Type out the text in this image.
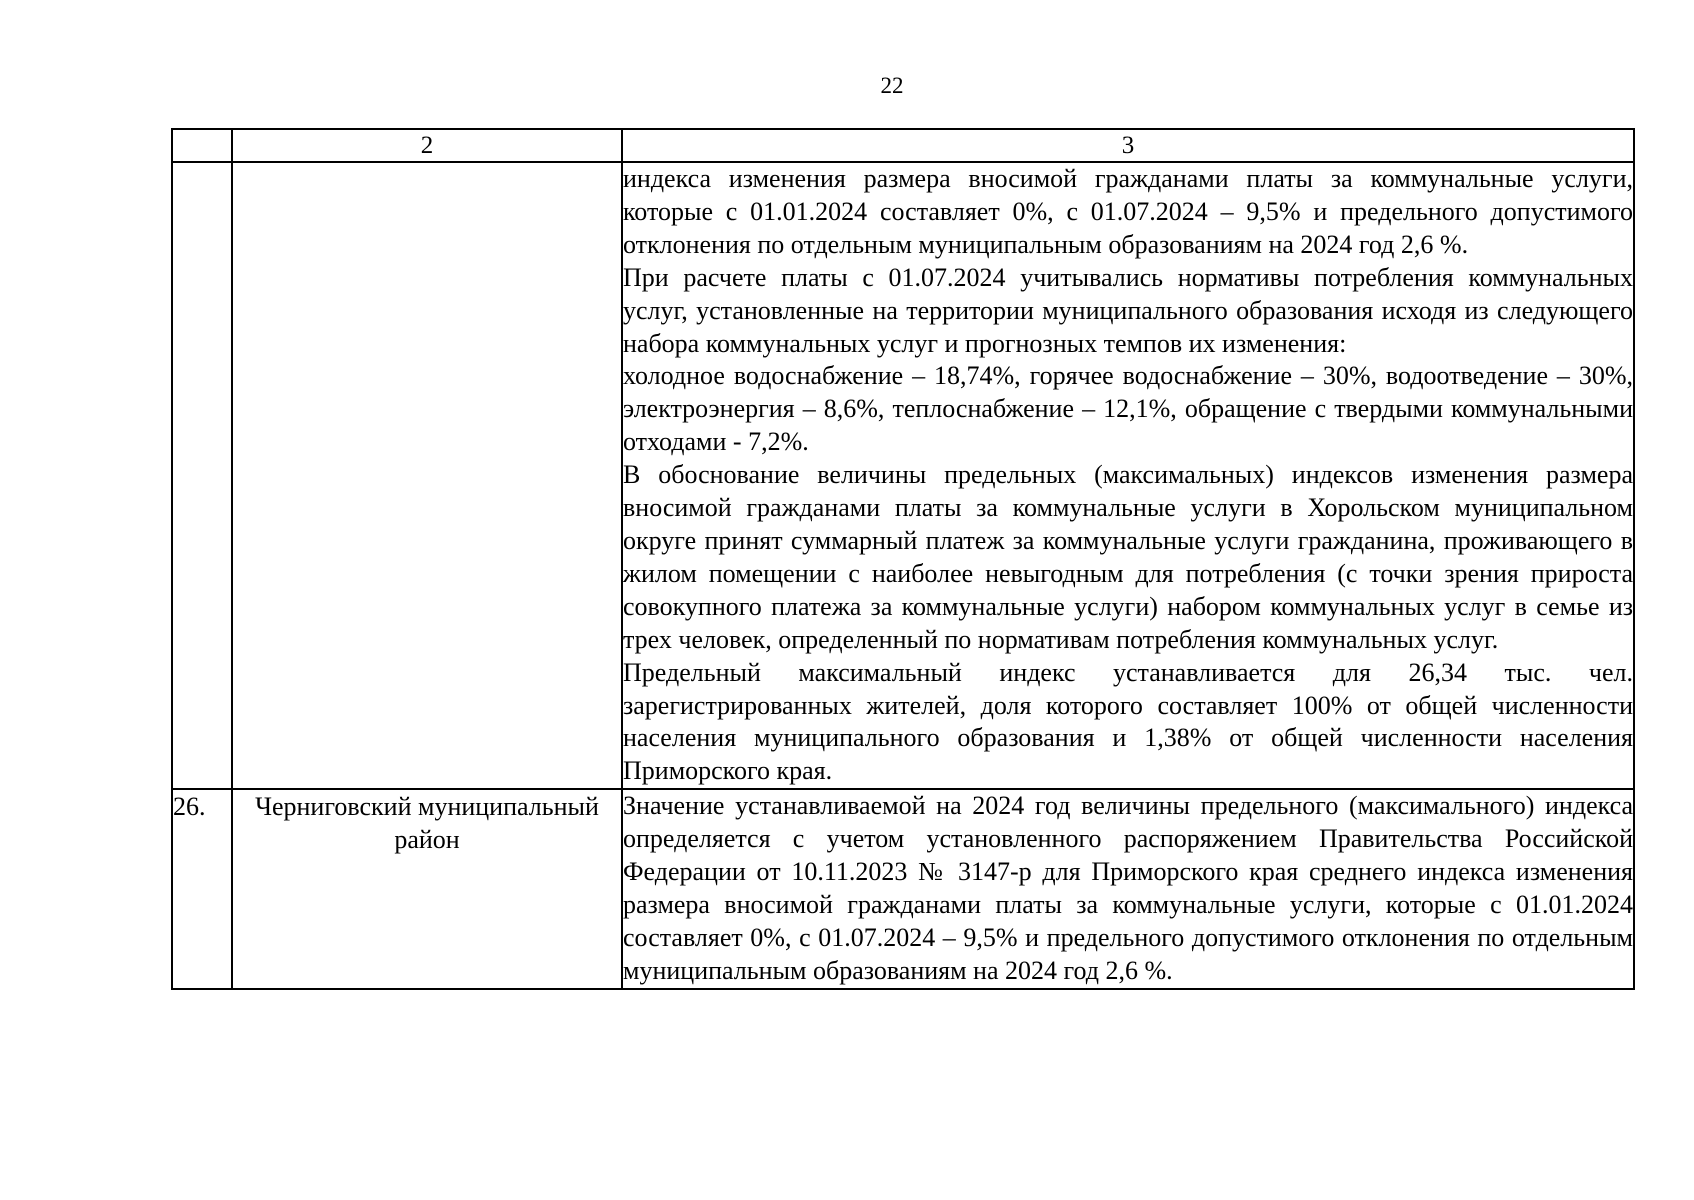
22
	2	3

		индекса изменения размера вносимой гражданами платы за коммунальные услуги, которые с 01.01.2024 составляет 0%, с 01.07.2024 – 9,5% и предельного допустимого отклонения по отдельным муниципальным образованиям на 2024 год 2,6 %.

При расчете платы с 01.07.2024 учитывались нормативы потребления коммунальных услуг, установленные на территории муниципального образования исходя из следующего набора коммунальных услуг и прогнозных темпов их изменения:

холодное водоснабжение – 18,74%, горячее водоснабжение – 30%, водоотведение – 30%, электроэнергия – 8,6%, теплоснабжение – 12,1%, обращение с твердыми коммунальными отходами - 7,2%.

В обоснование величины предельных (максимальных) индексов изменения размера вносимой гражданами платы за коммунальные услуги в Хорольском муниципальном округе принят суммарный платеж за коммунальные услуги гражданина, проживающего в жилом помещении с наиболее невыгодным для потребления (с точки зрения прироста совокупного платежа за коммунальные услуги) набором коммунальных услуг в семье из трех человек, определенный по нормативам потребления коммунальных услуг.

Предельный максимальный индекс устанавливается для 26,34 тыс. чел. зарегистрированных жителей, доля которого составляет 100% от общей численности населения муниципального образования и 1,38% от общей численности населения Приморского края.

26.	Черниговский муниципальный район	Значение устанавливаемой на 2024 год величины предельного (максимального) индекса определяется с учетом установленного распоряжением Правительства Российской Федерации от 10.11.2023 № 3147-р для Приморского края среднего индекса изменения размера вносимой гражданами платы за коммунальные услуги, которые с 01.01.2024 составляет 0%, с 01.07.2024 – 9,5% и предельного допустимого отклонения по отдельным муниципальным образованиям на 2024 год 2,6 %.
